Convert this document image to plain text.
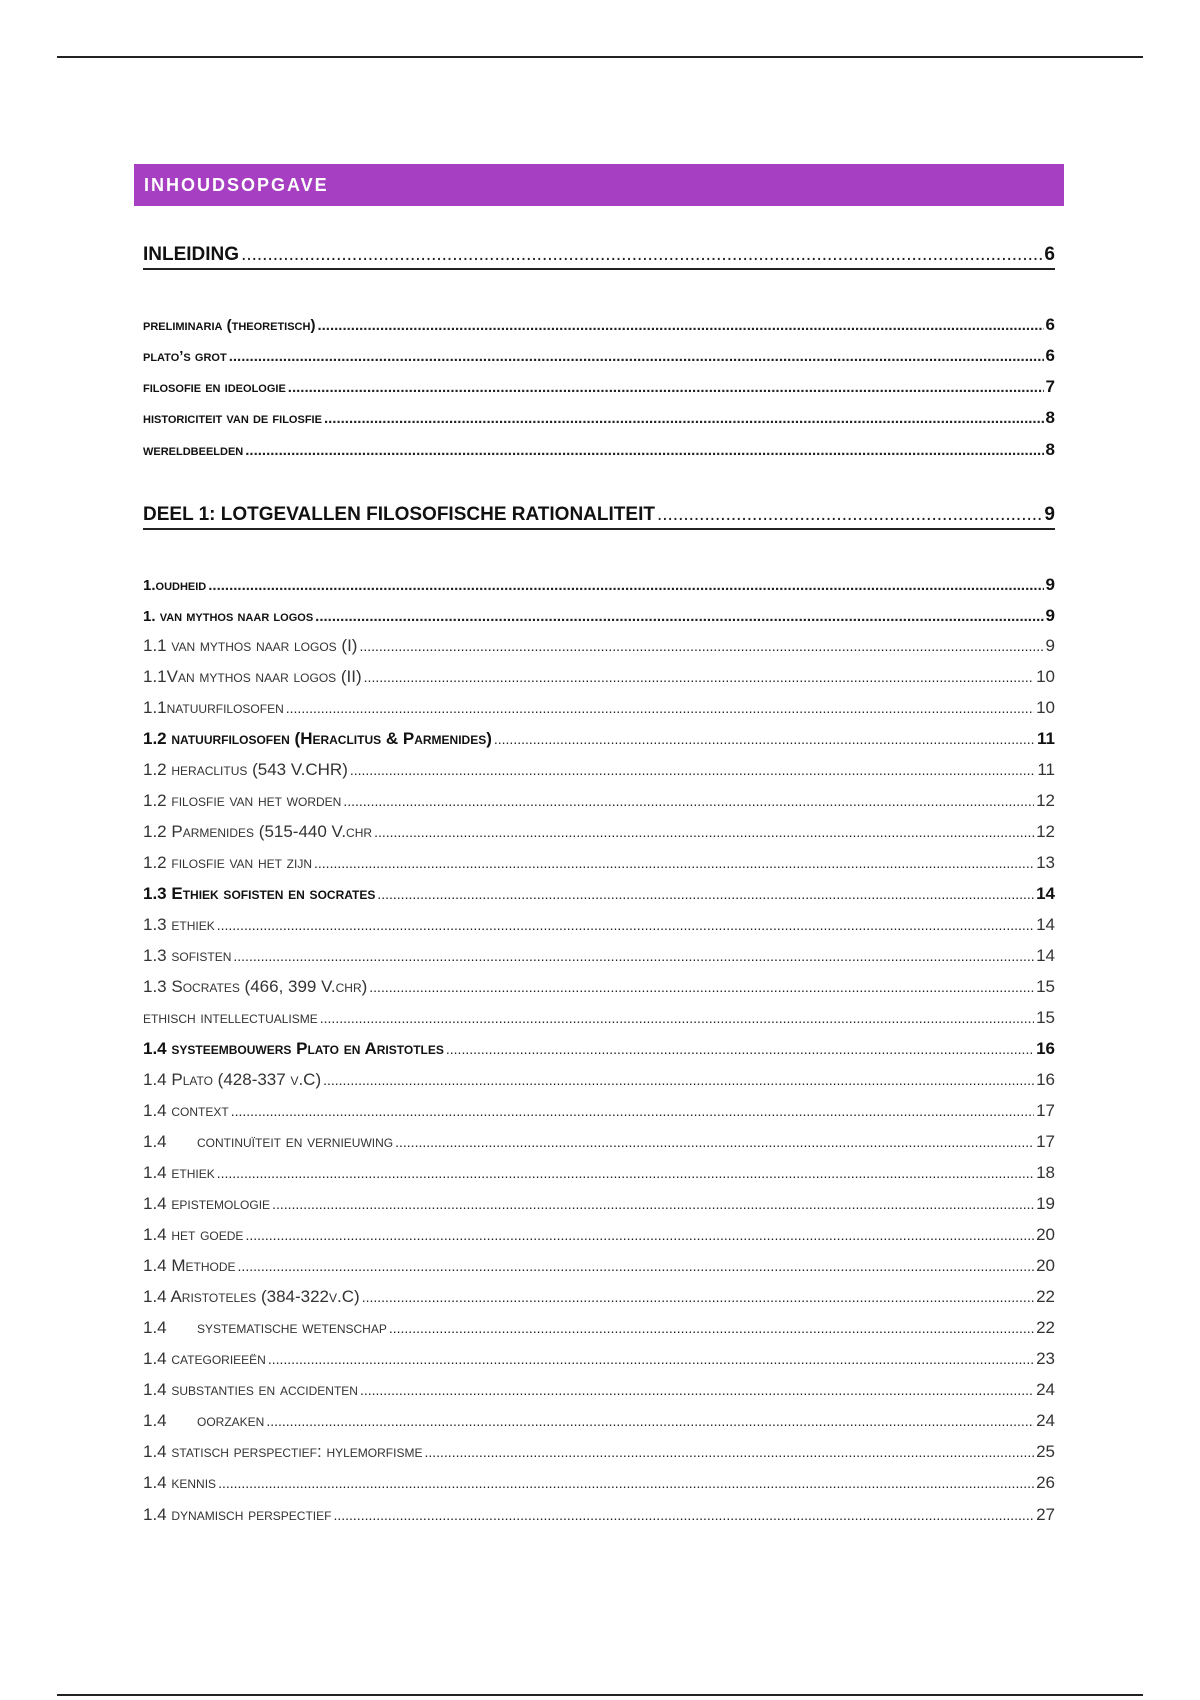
INHOUDSOPGAVE
INLEIDING .....	6
preliminaria (theoretisch) .....	6
plato’s grot .....	6
filosofie en ideologie .....	7
historiciteit van de filosfie .....	8
wereldbeelden .....	8
DEEL 1: LOTGEVALLEN FILOSOFISCHE RATIONALITEIT .....	9
1.oudheid .....	9
1. van mythos naar logos .....	9
1.1 van mythos naar logos (I) .....	9
1.1Van mythos naar logos (II) .....	10
1.1natuurfilosofen .....	10
1.2 natuurfilosofen (Heraclitus & Parmenides) .....	11
1.2 heraclitus (543 V.CHR) .....	11
1.2 filosfie van het worden .....	12
1.2 Parmenides (515-440 V.chr .....	12
1.2 filosfie van het zijn .....	13
1.3 Ethiek sofisten en socrates .....	14
1.3 ethiek .....	14
1.3 sofisten .....	14
1.3 Socrates (466, 399 V.chr) .....	15
ethisch intellectualisme .....	15
1.4 systeembouwers Plato en Aristotles .....	16
1.4 Plato (428-337 v.C) .....	16
1.4 context .....	17
1.4 continuïteit en vernieuwing .....	17
1.4 ethiek .....	18
1.4 epistemologie .....	19
1.4 het goede .....	20
1.4 Methode .....	20
1.4 Aristoteles (384-322v.C) .....	22
1.4 systematische wetenschap .....	22
1.4 categorieeën .....	23
1.4 substanties en accidenten .....	24
1.4 oorzaken .....	24
1.4 statisch perspectief: hylemorfisme .....	25
1.4 kennis .....	26
1.4 dynamisch perspectief .....	27
